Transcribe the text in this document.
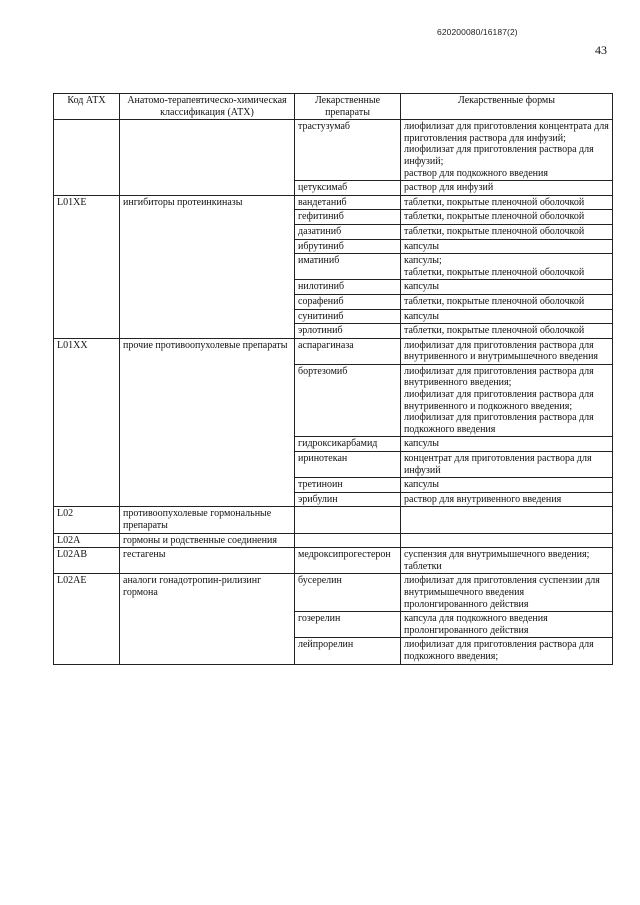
620200080/16187(2)
43
Код АТХ	Анатомо-терапевтическо-химическая классификация (АТХ)	Лекарственные препараты	Лекарственные формы
		трастузумаб	лиофилизат для приготовления концентрата для приготовления раствора для инфузий;
лиофилизат для приготовления раствора для инфузий;
раствор для подкожного введения

		цетуксимаб	раствор для инфузий

L01XE	ингибиторы протеинкиназы	вандетаниб	таблетки, покрытые пленочной оболочкой

		гефитиниб	таблетки, покрытые пленочной оболочкой

		дазатиниб	таблетки, покрытые пленочной оболочкой

		ибрутиниб	капсулы

		иматиниб	капсулы;
таблетки, покрытые пленочной оболочкой

		нилотиниб	капсулы

		сорафениб	таблетки, покрытые пленочной оболочкой

		сунитиниб	капсулы

		эрлотиниб	таблетки, покрытые пленочной оболочкой

L01XX	прочие противоопухолевые препараты	аспарагиназа	лиофилизат для приготовления раствора для внутривенного и внутримышечного введения

		бортезомиб	лиофилизат для приготовления раствора для внутривенного введения;
лиофилизат для приготовления раствора для внутривенного и подкожного введения;
лиофилизат для приготовления раствора для подкожного введения

		гидроксикарбамид	капсулы

		иринотекан	концентрат для приготовления раствора для инфузий

		третиноин	капсулы

		эрибулин	раствор для внутривенного введения

L02	противоопухолевые гормональные препараты		
L02A	гормоны и родственные соединения		
L02AB	гестагены	медроксипрогестерон	суспензия для внутримышечного введения;
таблетки

L02AE	аналоги гонадотропин-рилизинг гормона	бусерелин	лиофилизат для приготовления суспензии для внутримышечного введения пролонгированного действия

		гозерелин	капсула для подкожного введения пролонгированного действия

		лейпрорелин	лиофилизат для приготовления раствора для подкожного введения;
